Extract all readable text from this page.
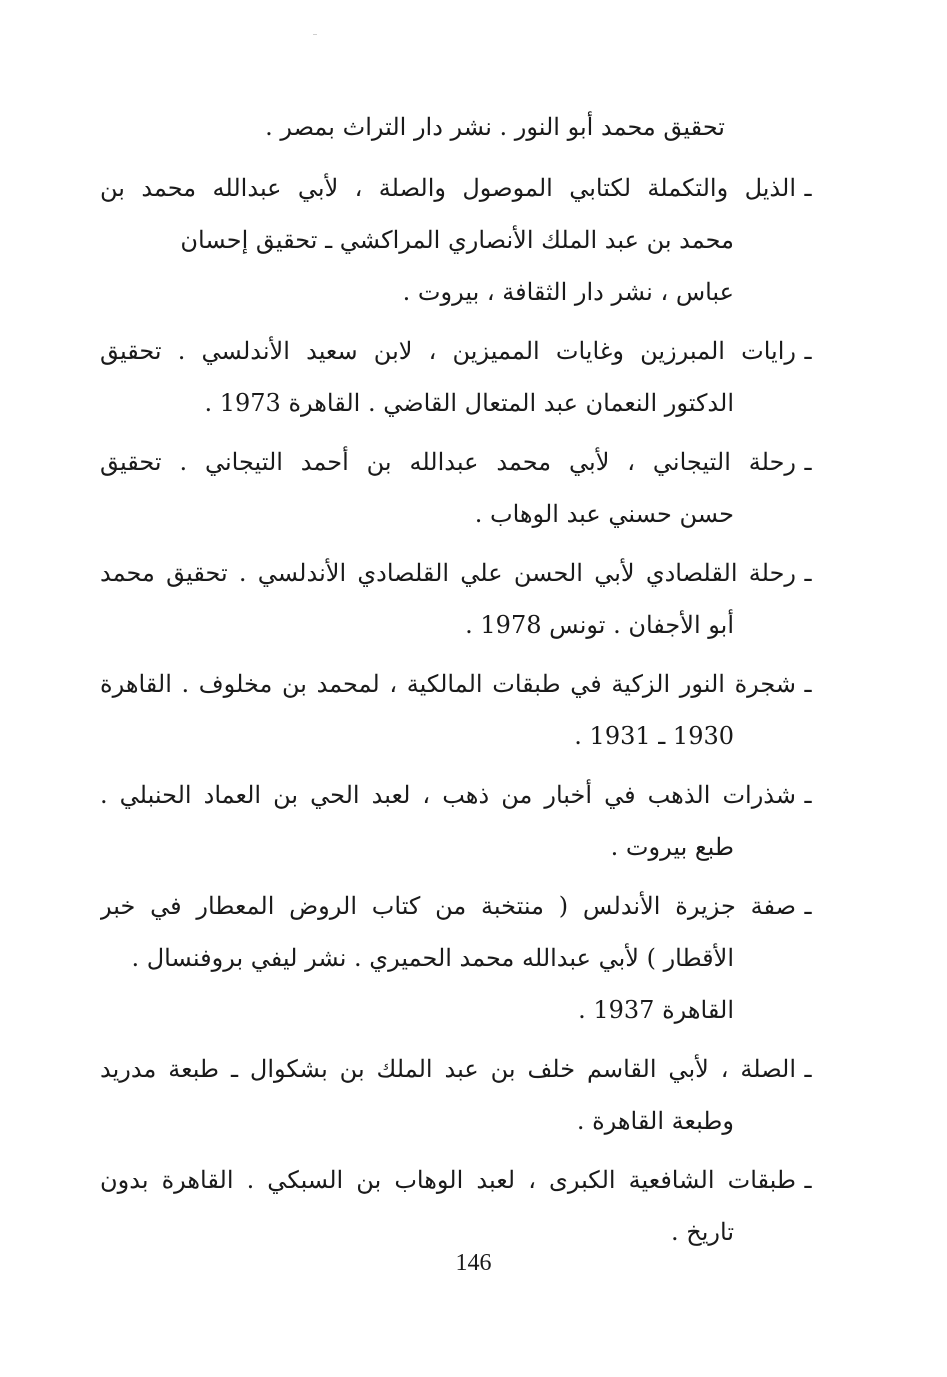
تحقيق محمد أبو النور . نشر دار التراث بمصر .
ـ
الذيل والتكملة لكتابي الموصول والصلة ، لأبي عبدالله محمد بن
محمد بن عبد الملك الأنصاري المراكشي ـ تحقيق إحسان
عباس ، نشر دار الثقافة ، بيروت .
ـ
رايات المبرزين وغايات المميزين ، لابن سعيد الأندلسي . تحقيق
الدكتور النعمان عبد المتعال القاضي . القاهرة 1973 .
ـ
رحلة التيجاني ، لأبي محمد عبدالله بن أحمد التيجاني . تحقيق
حسن حسني عبد الوهاب .
ـ
رحلة القلصادي لأبي الحسن علي القلصادي الأندلسي . تحقيق محمد
أبو الأجفان . تونس 1978 .
ـ
شجرة النور الزكية في طبقات المالكية ، لمحمد بن مخلوف . القاهرة
1930 ـ 1931 .
ـ
شذرات الذهب في أخبار من ذهب ، لعبد الحي بن العماد الحنبلي .
طبع بيروت .
ـ
صفة جزيرة الأندلس ( منتخبة من كتاب الروض المعطار في خبر
الأقطار ) لأبي عبدالله محمد الحميري . نشر ليفي بروفنسال .
القاهرة 1937 .
ـ
الصلة ، لأبي القاسم خلف بن عبد الملك بن بشكوال ـ طبعة مدريد
وطبعة القاهرة .
ـ
طبقات الشافعية الكبرى ، لعبد الوهاب بن السبكي . القاهرة بدون
تاريخ .
146
